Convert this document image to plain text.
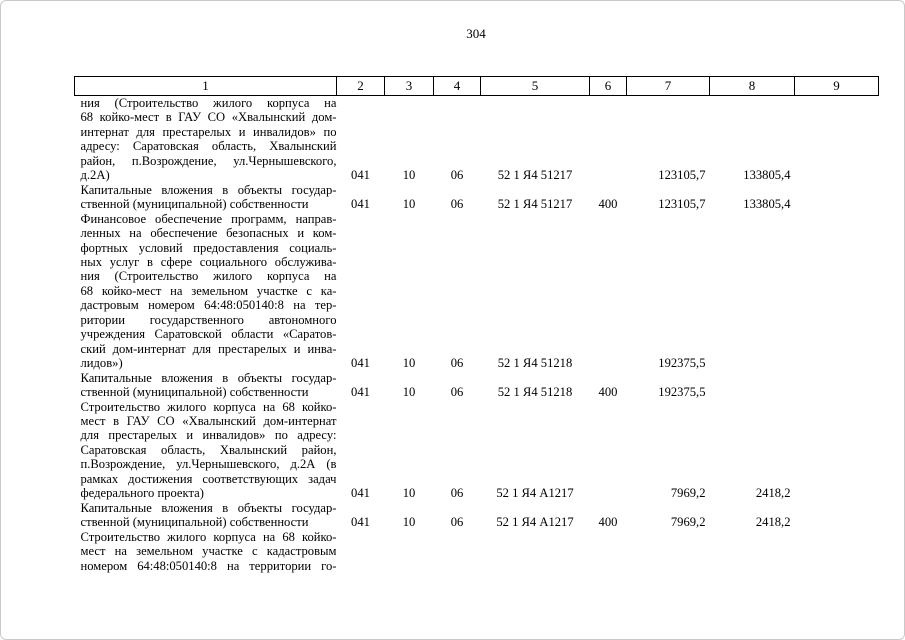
304
1	2	3	4	5	6	7	8	9

ния (Строительство жилого корпуса на
68 койко-мест в ГАУ СО «Хвалынский дом-
интернат для престарелых и инвалидов» по
адресу: Саратовская область, Хвалынский
район, п.Возрождение, ул.Чернышевского,
д.2А)	041	10	06	52 1 Я4 51217		123105,7	133805,4	

Капитальные вложения в объекты государ-
ственной (муниципальной) собственности	041	10	06	52 1 Я4 51217	400	123105,7	133805,4	

Финансовое обеспечение программ, направ-
ленных на обеспечение безопасных и ком-
фортных условий предоставления социаль-
ных услуг в сфере социального обслужива-
ния (Строительство жилого корпуса на
68 койко-мест на земельном участке с ка-
дастровым номером 64:48:050140:8 на тер-
ритории государственного автономного
учреждения Саратовской области «Саратов-
ский дом-интернат для престарелых и инва-
лидов»)	041	10	06	52 1 Я4 51218		192375,5		

Капитальные вложения в объекты государ-
ственной (муниципальной) собственности	041	10	06	52 1 Я4 51218	400	192375,5		

Строительство жилого корпуса на 68 койко-
мест в ГАУ СО «Хвалынский дом-интернат
для престарелых и инвалидов» по адресу:
Саратовская область, Хвалынский район,
п.Возрождение, ул.Чернышевского, д.2А (в
рамках достижения соответствующих задач
федерального проекта)	041	10	06	52 1 Я4 А1217		7969,2	2418,2	

Капитальные вложения в объекты государ-
ственной (муниципальной) собственности	041	10	06	52 1 Я4 А1217	400	7969,2	2418,2	

Строительство жилого корпуса на 68 койко-
мест на земельном участке с кадастровым
номером 64:48:050140:8 на территории го-								
